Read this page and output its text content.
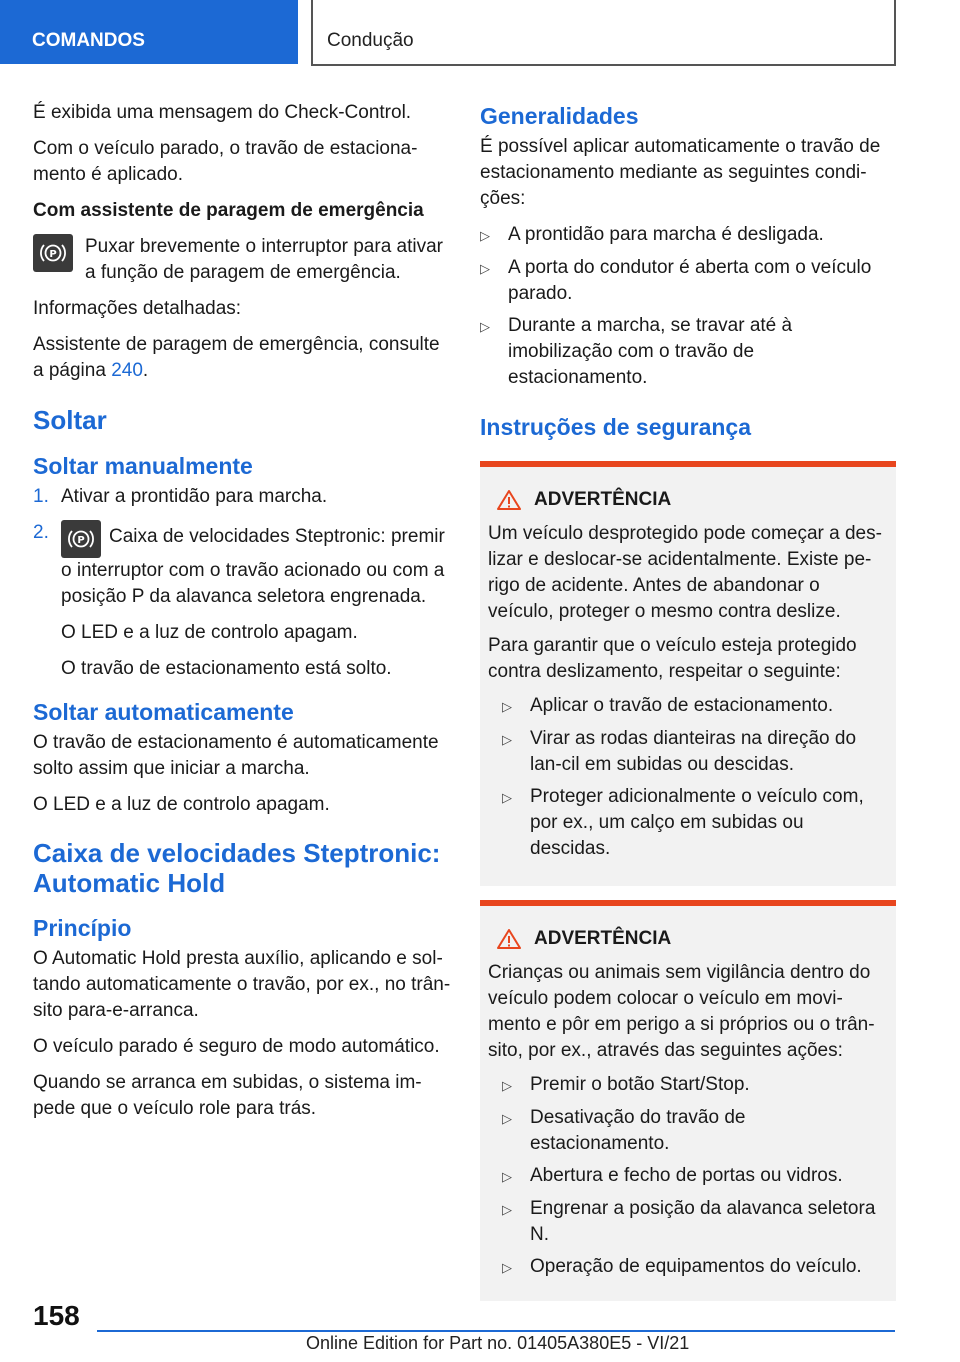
COMANDOS	Condução

É exibida uma mensagem do Check-Control.

Com o veículo parado, o travão de estaciona-mento é aplicado.

Com assistente de paragem de emergência

P Puxar brevemente o interruptor para ativar a função de paragem de emergência.

Informações detalhadas:

Assistente de paragem de emergência, consulte a página 240.

Soltar
Soltar manualmente
1. Ativar a prontidão para marcha.
2.	P Caixa de velocidades Steptronic: premir o interruptor com o travão acionado ou com a posição P da alavanca seletora engrenada.
O LED e a luz de controlo apagam.
O travão de estacionamento está solto.
Soltar automaticamente

O travão de estacionamento é automaticamente solto assim que iniciar a marcha.

O LED e a luz de controlo apagam.

Caixa de velocidades Steptronic: Automatic Hold
Princípio

O Automatic Hold presta auxílio, aplicando e sol-tando automaticamente o travão, por ex., no trân-sito para-e-arranca.

O veículo parado é seguro de modo automático.

Quando se arranca em subidas, o sistema im-pede que o veículo role para trás.

Generalidades

É possível aplicar automaticamente o travão de estacionamento mediante as seguintes condi-ções:

▷ A prontidão para marcha é desligada.
▷ A porta do condutor é aberta com o veículo parado.
▷ Durante a marcha, se travar até à imobilização com o travão de estacionamento.
Instruções de segurança
ADVERTÊNCIA

Um veículo desprotegido pode começar a des-lizar e deslocar-se acidentalmente. Existe pe-rigo de acidente. Antes de abandonar o veículo, proteger o mesmo contra deslize.

Para garantir que o veículo esteja protegido contra deslizamento, respeitar o seguinte:

▷ Aplicar o travão de estacionamento.
▷ Virar as rodas dianteiras na direção do lan-cil em subidas ou descidas.
▷ Proteger adicionalmente o veículo com, por ex., um calço em subidas ou descidas.
ADVERTÊNCIA

Crianças ou animais sem vigilância dentro do veículo podem colocar o veículo em movi-mento e pôr em perigo a si próprios ou o trân-sito, por ex., através das seguintes ações:

▷ Premir o botão Start/Stop.
▷ Desativação do travão de estacionamento.
▷ Abertura e fecho de portas ou vidros.
▷ Engrenar a posição da alavanca seletora N.
▷ Operação de equipamentos do veículo.
158
Online Edition for Part no. 01405A380E5 - VI/21
